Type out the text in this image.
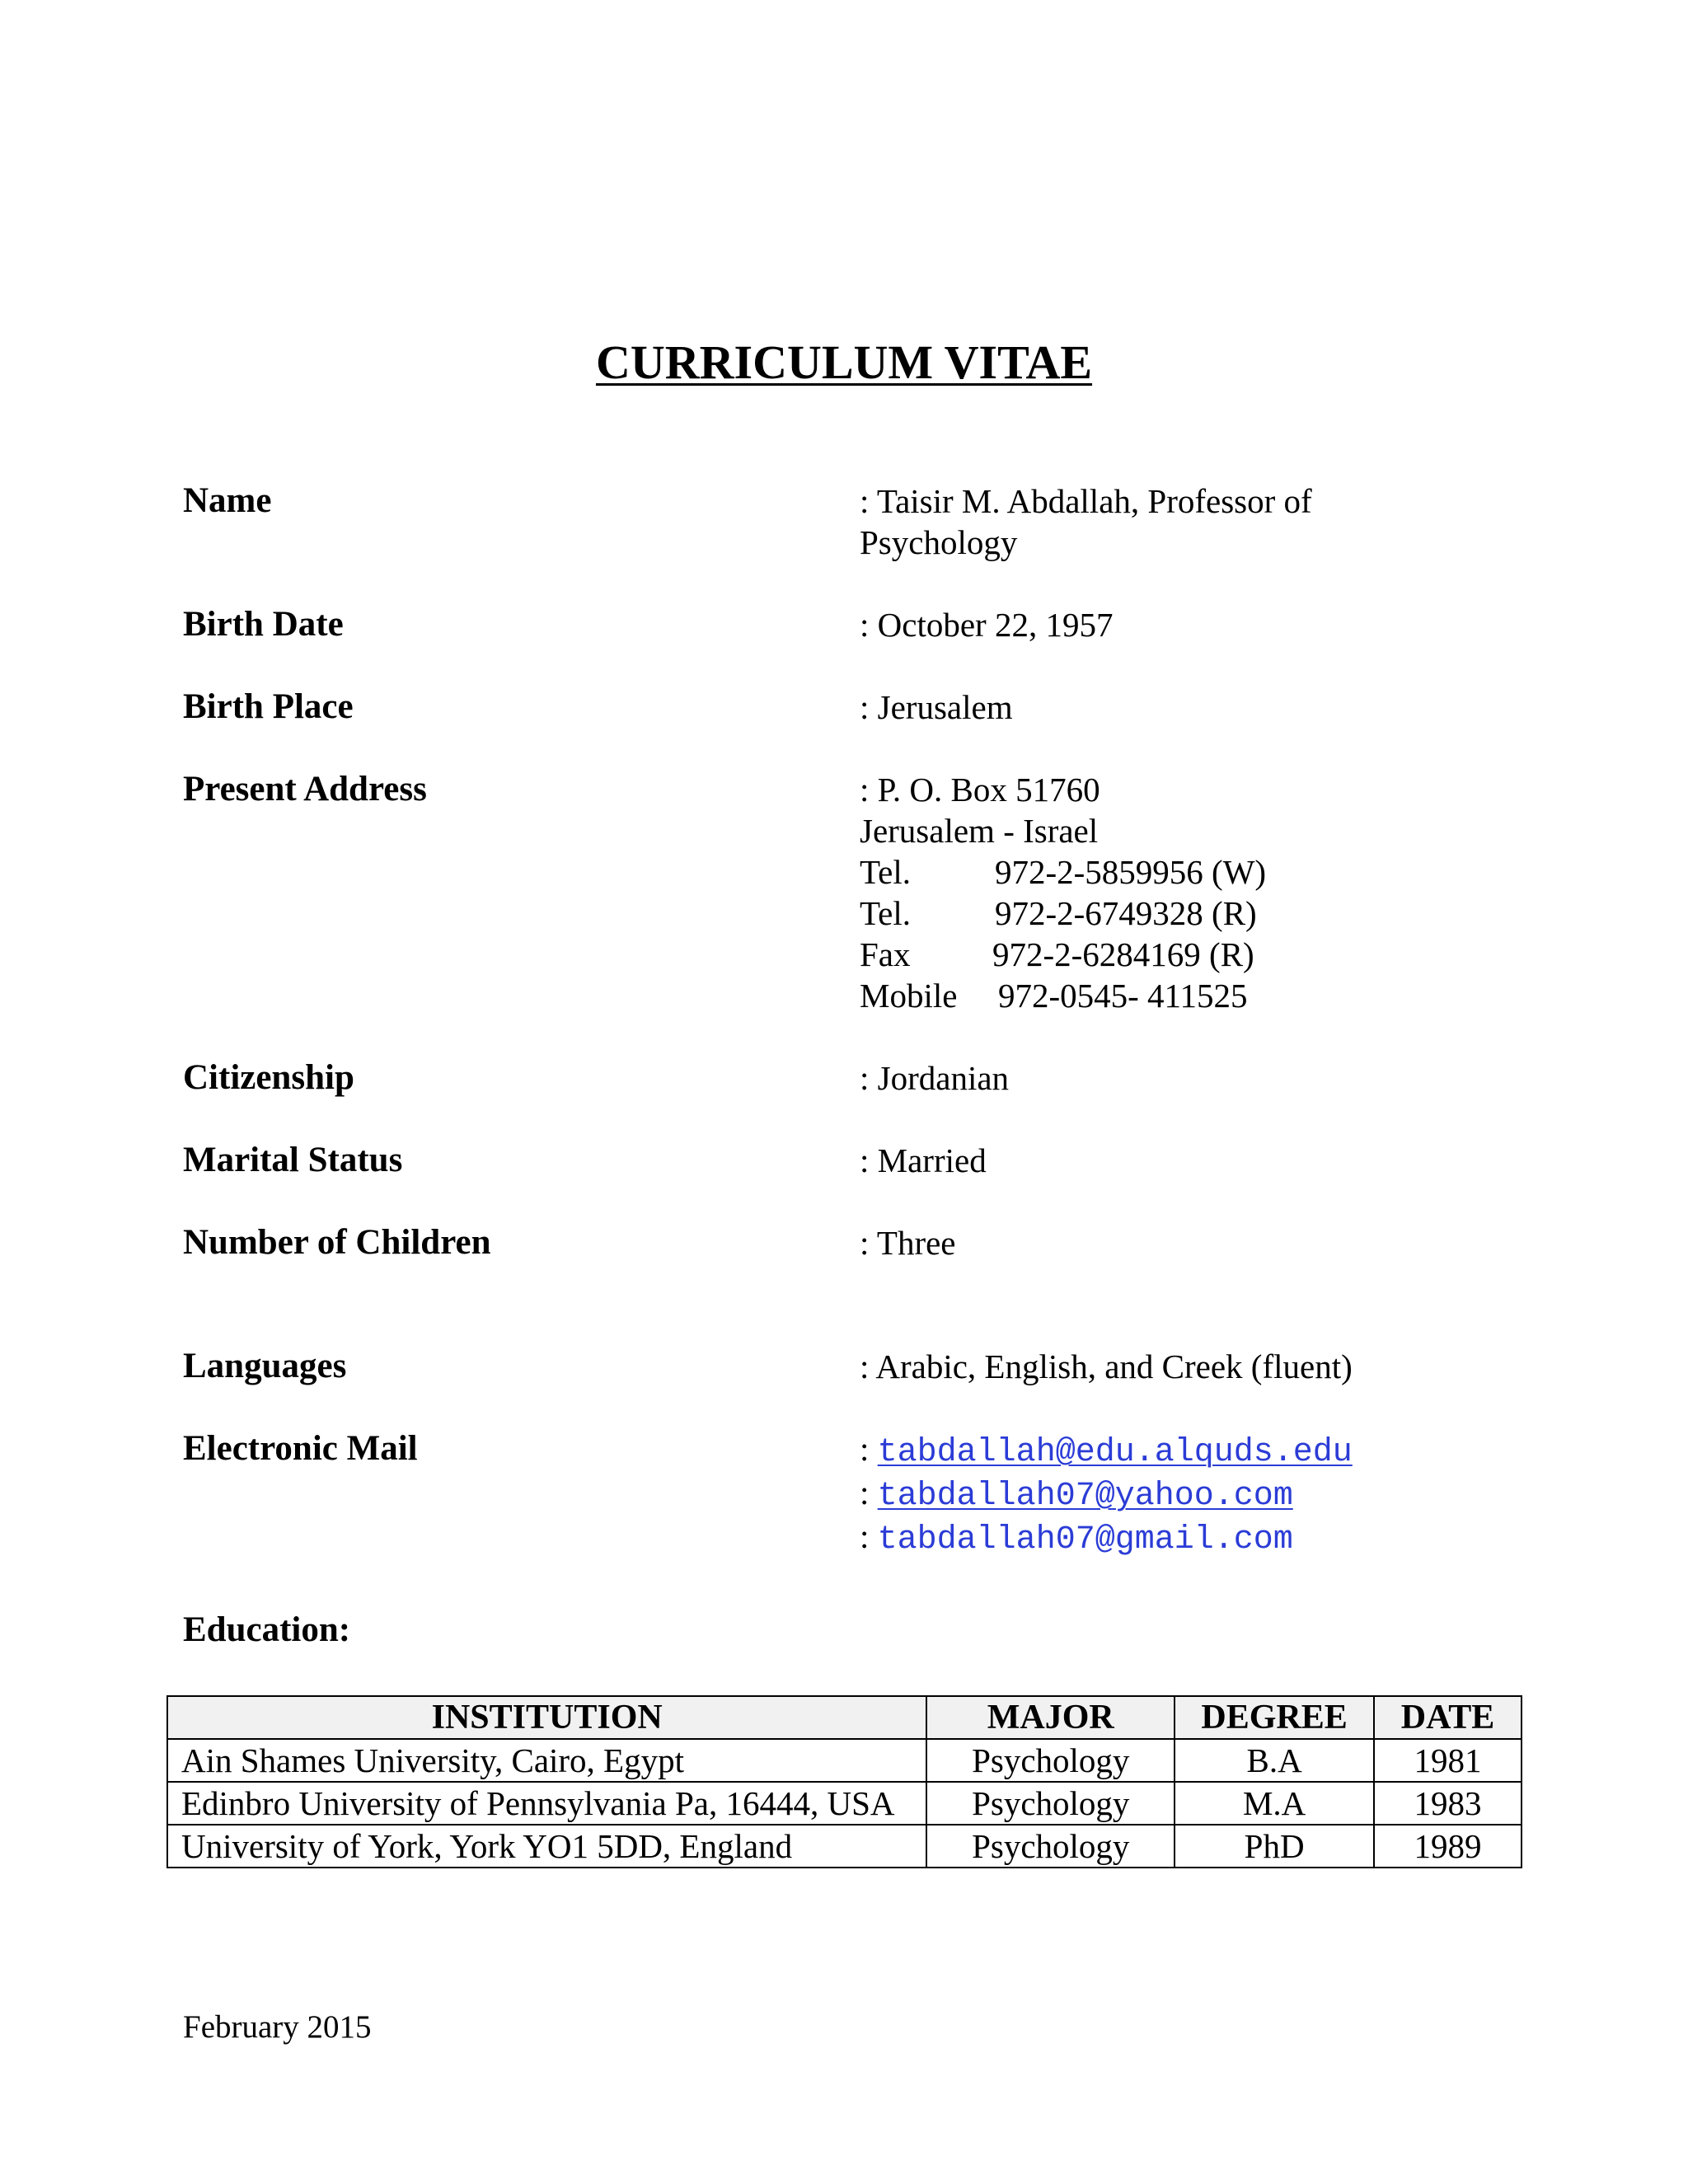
CURRICULUM VITAE
Name	: Taisir M. Abdallah, Professor of
Psychology
Birth Date	: October 22, 1957
Birth Place	: Jerusalem
Present Address	: P. O. Box 51760
Jerusalem - Israel
Tel. 972-2-5859956 (W)
Tel. 972-2-6749328 (R)
Fax 972-2-6284169 (R)
Mobile 972-0545- 411525
Citizenship	: Jordanian
Marital Status	: Married
Number of Children	: Three
Languages	: Arabic, English, and Creek (fluent)
Electronic Mail	: tabdallah@edu.alquds.edu
: tabdallah07@yahoo.com
: tabdallah07@gmail.com
Education:
INSTITUTION	MAJOR	DEGREE	DATE
Ain Shames University, Cairo, Egypt	Psychology	B.A	1981
Edinbro University of Pennsylvania Pa, 16444, USA	Psychology	M.A	1983
University of York, York YO1 5DD, England	Psychology	PhD	1989
February 2015
